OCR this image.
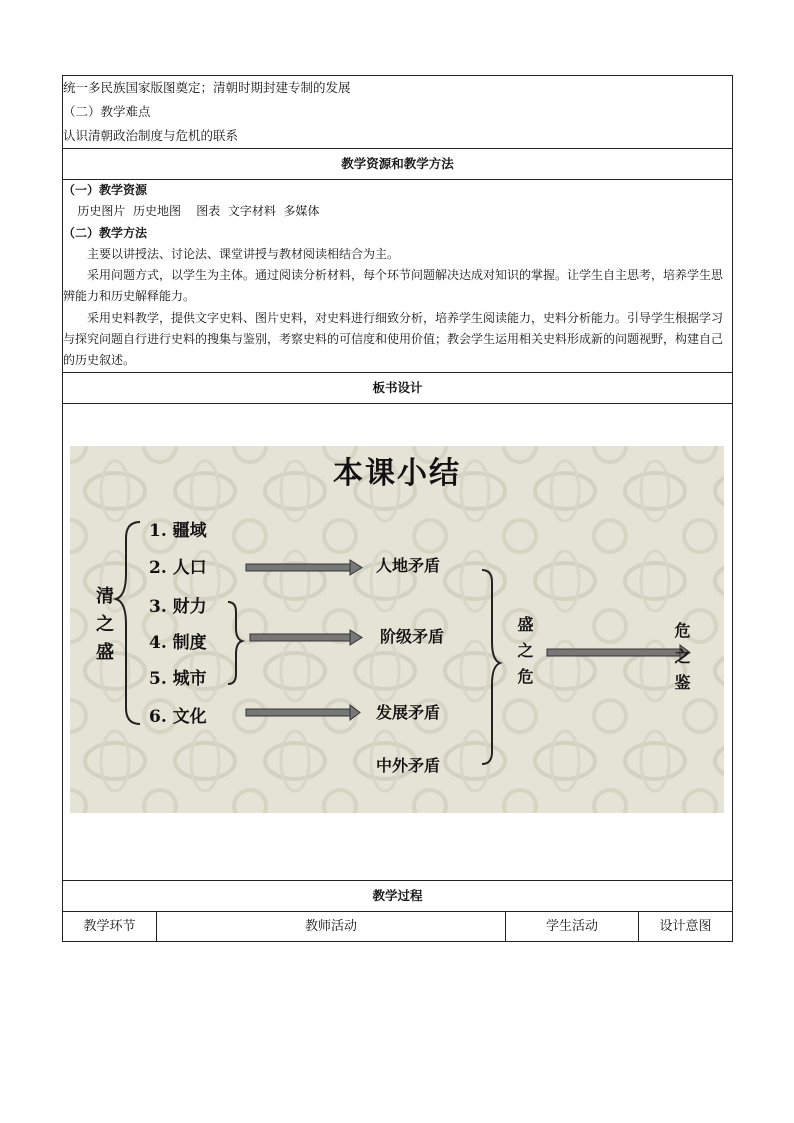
统一多民族国家版图奠定；清朝时期封建专制的发展

（二）教学难点

认识清朝政治制度与危机的联系

教学资源和教学方法

（一）教学资源

历史图片  历史地图    图表  文字材料  多媒体

（二）教学方法

主要以讲授法、讨论法、课堂讲授与教材阅读相结合为主。

采用问题方式，以学生为主体。通过阅读分析材料，每个环节问题解决达成对知识的掌握。让学生自主思考，培养学生思辨能力和历史解释能力。

采用史料教学，提供文字史料、图片史料，对史料进行细致分析，培养学生阅读能力，史料分析能力。引导学生根据学习与探究问题自行进行史料的搜集与鉴别，考察史料的可信度和使用价值；教会学生运用相关史料形成新的问题视野，构建自己的历史叙述。

板书设计

本课小结
清之盛
1. 疆域
2. 人口
3. 财力
4. 制度
5. 城市
6. 文化
人地矛盾
阶级矛盾
发展矛盾
中外矛盾
盛之危	危之鉴

教学过程
教学环节	教师活动	学生活动	设计意图
